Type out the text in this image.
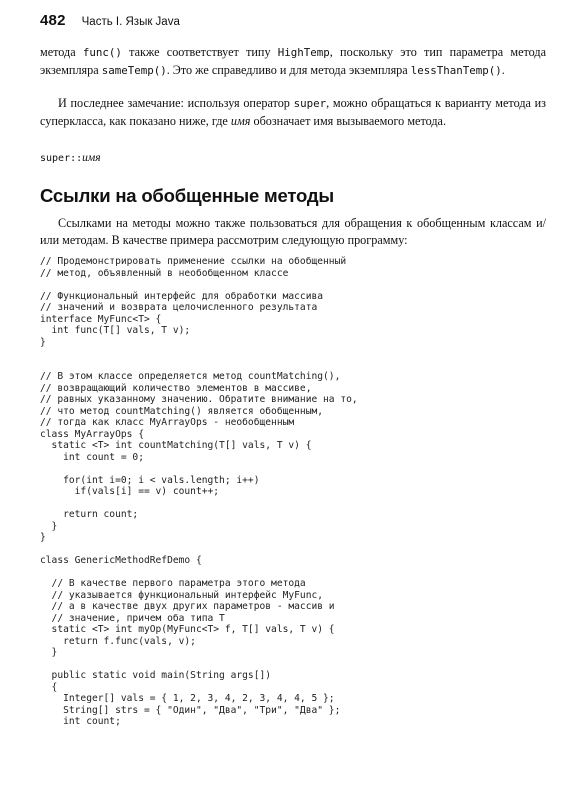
482 Часть I. Язык Java

метода func() также соответствует типу HighTemp, поскольку это тип параметра метода экземпляра sameTemp(). Это же справедливо и для метода экземпляра lessThanTemp().

И последнее замечание: используя оператор super, можно обращаться к варианту метода из суперкласса, как показано ниже, где имя обозначает имя вызываемого метода.

super::имя
Ссылки на обобщенные методы

Ссылками на методы можно также пользоваться для обращения к обобщенным классам и/или методам. В качестве примера рассмотрим следующую программу:

// Продемонстрировать применение ссылки на обобщенный
// метод, объявленный в необобщенном классе
// Функциональный интерфейс для обработки массива
// значений и возврата целочисленного результата
interface MyFunc<T> {
int func(T[] vals, T v);
}
// В этом классе определяется метод countMatching(),
// возвращающий количество элементов в массиве,
// равных указанному значению. Обратите внимание на то,
// что метод countMatching() является обобщенным,
// тогда как класс MyArrayOps - необобщенным
class MyArrayOps {
static <T> int countMatching(T[] vals, T v) {
int count = 0;
for(int i=0; i < vals.length; i++)
if(vals[i] == v) count++;
return count;
}
}
class GenericMethodRefDemo {
// В качестве первого параметра этого метода
// указывается функциональный интерфейс MyFunc,
// а в качестве двух других параметров - массив и
// значение, причем оба типа T
static <T> int myOp(MyFunc<T> f, T[] vals, T v) {
return f.func(vals, v);
}
public static void main(String args[])
{
Integer[] vals = { 1, 2, 3, 4, 2, 3, 4, 4, 5 };
String[] strs = { "Один", "Два", "Три", "Два" };
int count;
